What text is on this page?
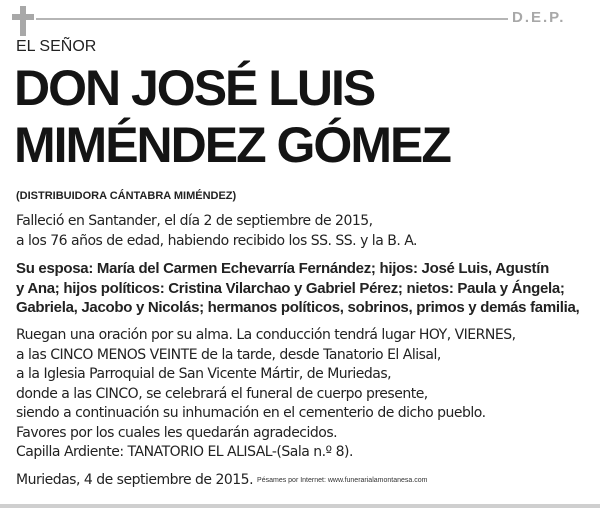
D.E.P.
EL SEÑOR
DON JOSÉ LUIS
MIMÉNDEZ GÓMEZ
(DISTRIBUIDORA CÁNTABRA MIMÉNDEZ)
Falleció en Santander, el día 2 de septiembre de 2015,
a los 76 años de edad, habiendo recibido los SS. SS. y la B. A.
Su esposa: María del Carmen Echevarría Fernández; hijos: José Luis, Agustín
y Ana; hijos políticos: Cristina Vilarchao y Gabriel Pérez; nietos: Paula y Ángela;
Gabriela, Jacobo y Nicolás; hermanos políticos, sobrinos, primos y demás familia,
Ruegan una oración por su alma. La conducción tendrá lugar HOY, VIERNES,
a las CINCO MENOS VEINTE de la tarde, desde Tanatorio El Alisal,
a la Iglesia Parroquial de San Vicente Mártir, de Muriedas,
donde a las CINCO, se celebrará el funeral de cuerpo presente,
siendo a continuación su inhumación en el cementerio de dicho pueblo.
Favores por los cuales les quedarán agradecidos.
Capilla Ardiente: TANATORIO EL ALISAL-(Sala n.º 8).
Muriedas, 4 de septiembre de 2015. Pésames por Internet: www.funerarialamontanesa.com
